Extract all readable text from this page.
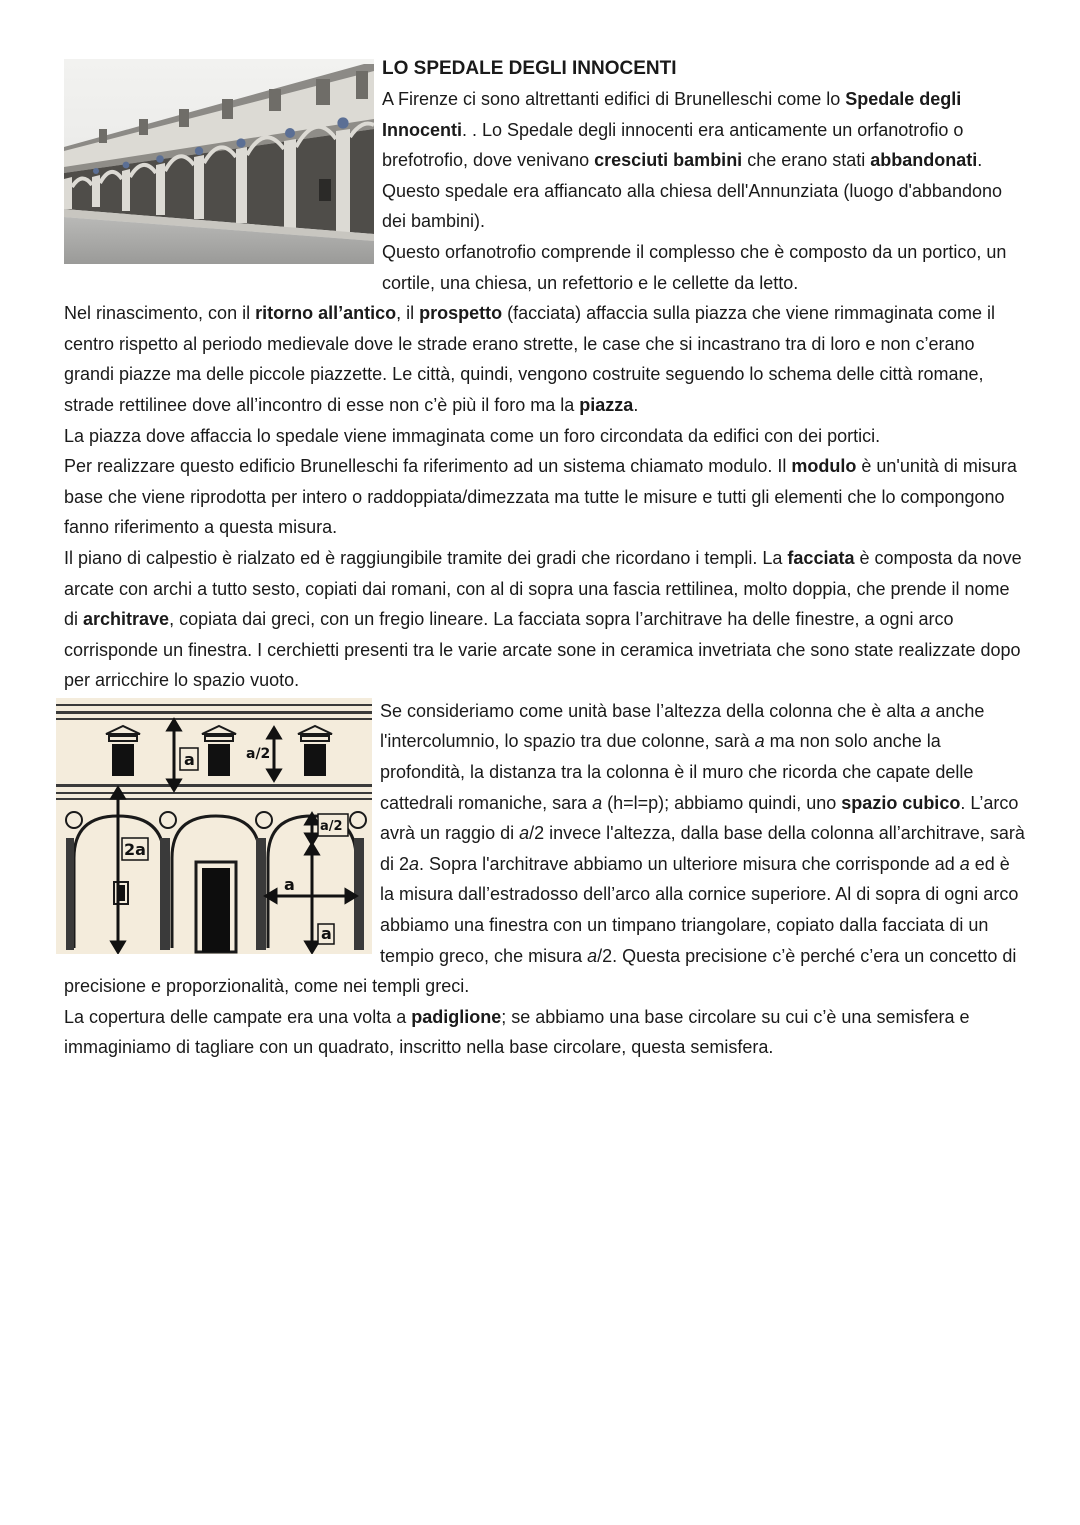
LO SPEDALE DEGLI INNOCENTI

A Firenze ci sono altrettanti edifici di Brunelleschi come lo Spedale degli Innocenti. . Lo Spedale degli innocenti era anticamente un orfanotrofio o brefotrofio, dove venivano cresciuti bambini che erano stati abbandonati. Questo spedale era affiancato alla chiesa dell'Annunziata (luogo d'abbandono dei bambini).

Questo orfanotrofio comprende il complesso che è composto da un portico, un cortile, una chiesa, un refettorio e le cellette da letto.

Nel rinascimento, con il ritorno all’antico, il prospetto (facciata) affaccia sulla piazza che viene rimmaginata come il centro rispetto al periodo medievale dove le strade erano strette, le case che si incastrano tra di loro e non c’erano grandi piazze ma delle piccole piazzette. Le città, quindi, vengono costruite seguendo lo schema delle città romane, strade rettilinee dove all’incontro di esse non c’è più il foro ma la piazza.

La piazza dove affaccia lo spedale viene immaginata come un foro circondata da edifici con dei portici.

Per realizzare questo edificio Brunelleschi fa riferimento ad un sistema chiamato modulo. Il modulo è un'unità di misura base che viene riprodotta per intero o raddoppiata/dimezzata ma tutte le misure e tutti gli elementi che lo compongono fanno riferimento a questa misura.

Il piano di calpestio è rialzato ed è raggiungibile tramite dei gradi che ricordano i templi. La facciata è composta da nove arcate con archi a tutto sesto, copiati dai romani, con al di sopra una fascia rettilinea, molto doppia, che prende il nome di architrave, copiata dai greci, con un fregio lineare. La facciata sopra l’architrave ha delle finestre, a ogni arco corrisponde un finestra. I cerchietti presenti tra le varie arcate sone in ceramica invetriata che sono state realizzate dopo per arricchire lo spazio vuoto.

a	a/2
2a
a/2
a
a

Se consideriamo come unità base l’altezza della colonna che è alta a anche l'intercolumnio, lo spazio tra due colonne, sarà a ma non solo anche la profondità, la distanza tra la colonna è il muro che ricorda che capate delle cattedrali romaniche, sara a (h=l=p); abbiamo quindi, uno spazio cubico. L’arco avrà un raggio di a/2 invece l'altezza, dalla base della colonna all’architrave, sarà di 2a. Sopra l'architrave abbiamo un ulteriore misura che corrisponde ad a ed è la misura dall’estradosso dell’arco alla cornice superiore. Al di sopra di ogni arco abbiamo una finestra con un timpano triangolare, copiato dalla facciata di un tempio greco, che misura a/2. Questa precisione c’è perché c’era un concetto di precisione e proporzionalità, come nei templi greci.

La copertura delle campate era una volta a padiglione; se abbiamo una base circolare su cui c’è una semisfera e immaginiamo di tagliare con un quadrato, inscritto nella base circolare, questa semisfera.
